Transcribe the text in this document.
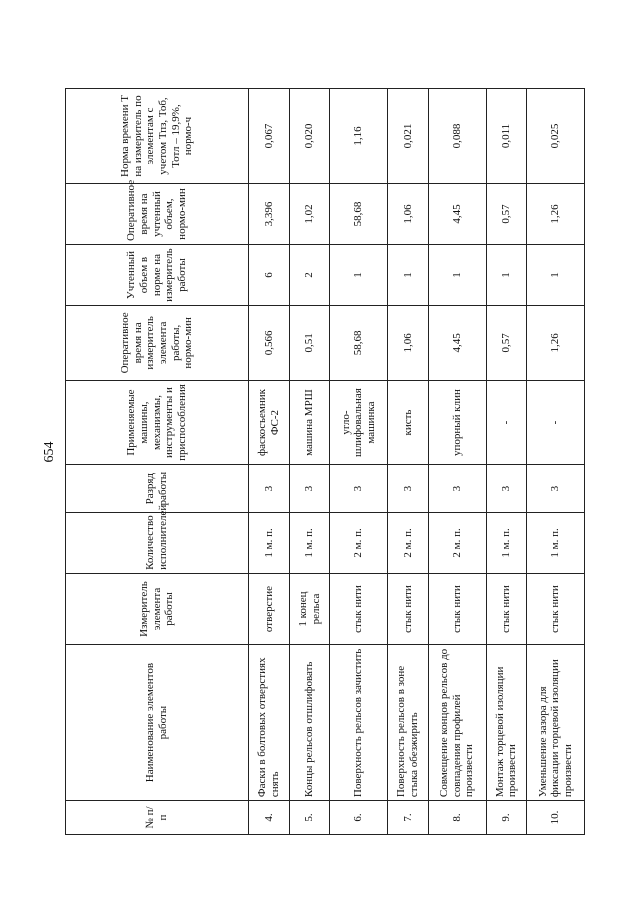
654
№ п/п	Наименование элементов работы	Измеритель элемента работы	Количество исполнителей	Разряд работы	Применяемые машины, механизмы, инструменты и приспособления	Оперативное время на измеритель элемента работы, нормо-мин	Учтенный объем в норме на измеритель работы	Оперативное время на учтенный объем, нормо-мин	Норма времени Т на измеритель по элементам с учетом Тпз, Тоб, Тотл – 19,9%, нормо-ч
4.	Фаски в болтовых отверстиях снять	отверстие	1 м. п.	3	фаскосъемник ФС-2	0,566	6	3,396	0,067
5.	Концы рельсов отшлифовать	1 конец рельса	1 м. п.	3	машина МРШ	0,51	2	1,02	0,020
6.	Поверхность рельсов зачистить	стык нити	2 м. п.	3	угло-шлифовальная машинка	58,68	1	58,68	1,16
7.	Поверхность рельсов в зоне стыка обезжирить	стык нити	2 м. п.	3	кисть	1,06	1	1,06	0,021
8.	Совмещение концов рельсов до совпадения профилей произвести	стык нити	2 м. п.	3	упорный клин	4,45	1	4,45	0,088
9.	Монтаж торцевой изоляции произвести	стык нити	1 м. п.	3	-	0,57	1	0,57	0,011
10.	Уменьшение зазора для фиксации торцевой изоляции произвести	стык нити	1 м. п.	3	-	1,26	1	1,26	0,025
